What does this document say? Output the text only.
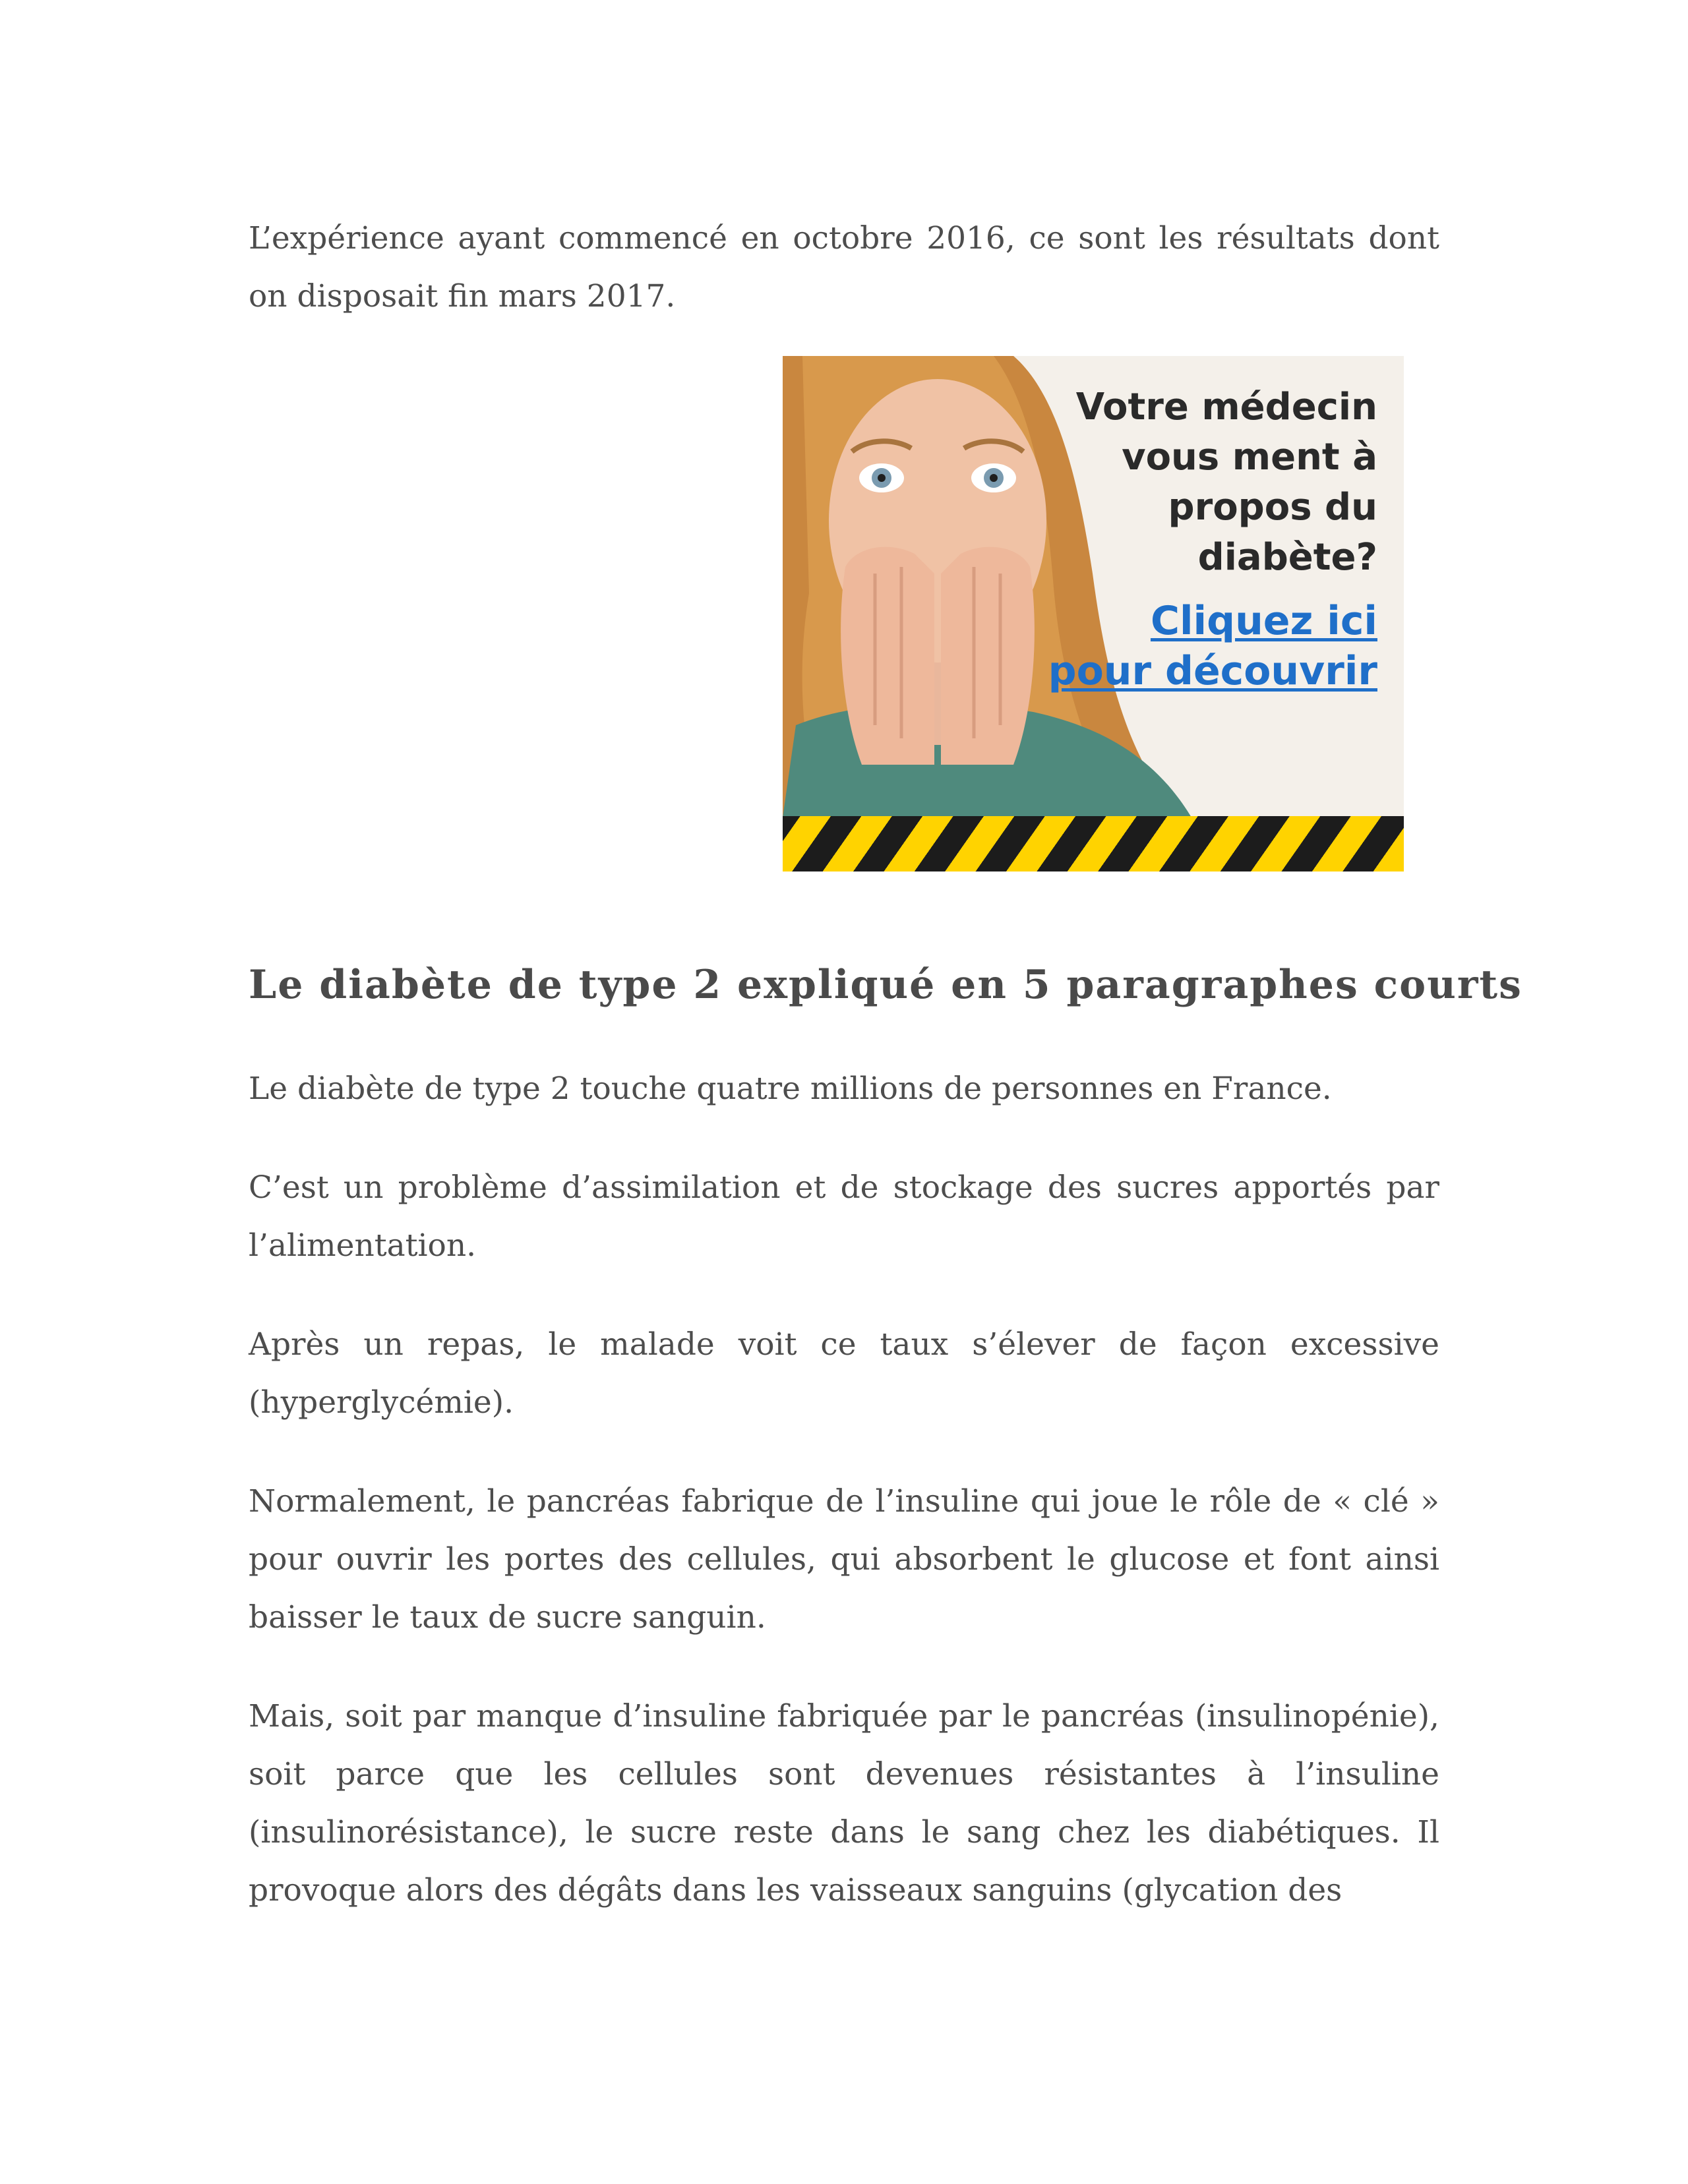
L’expérience ayant commencé en octobre 2016, ce sont les résultats dont on disposait fin mars 2017.

Votre médecin vous ment à propos du diabète?
Cliquez ici pour découvrir
Le diabète de type 2 expliqué en 5 paragraphes courts

Le diabète de type 2 touche quatre millions de personnes en France.

C’est un problème d’assimilation et de stockage des sucres apportés par l’alimentation.

Après un repas, le malade voit ce taux s’élever de façon excessive (hyperglycémie).

Normalement, le pancréas fabrique de l’insuline qui joue le rôle de « clé » pour ouvrir les portes des cellules, qui absorbent le glucose et font ainsi baisser le taux de sucre sanguin.

Mais, soit par manque d’insuline fabriquée par le pancréas (insulinopénie), soit parce que les cellules sont devenues résistantes à l’insuline (insulinorésistance), le sucre reste dans le sang chez les diabétiques. Il provoque alors des dégâts dans les vaisseaux sanguins (glycation des
